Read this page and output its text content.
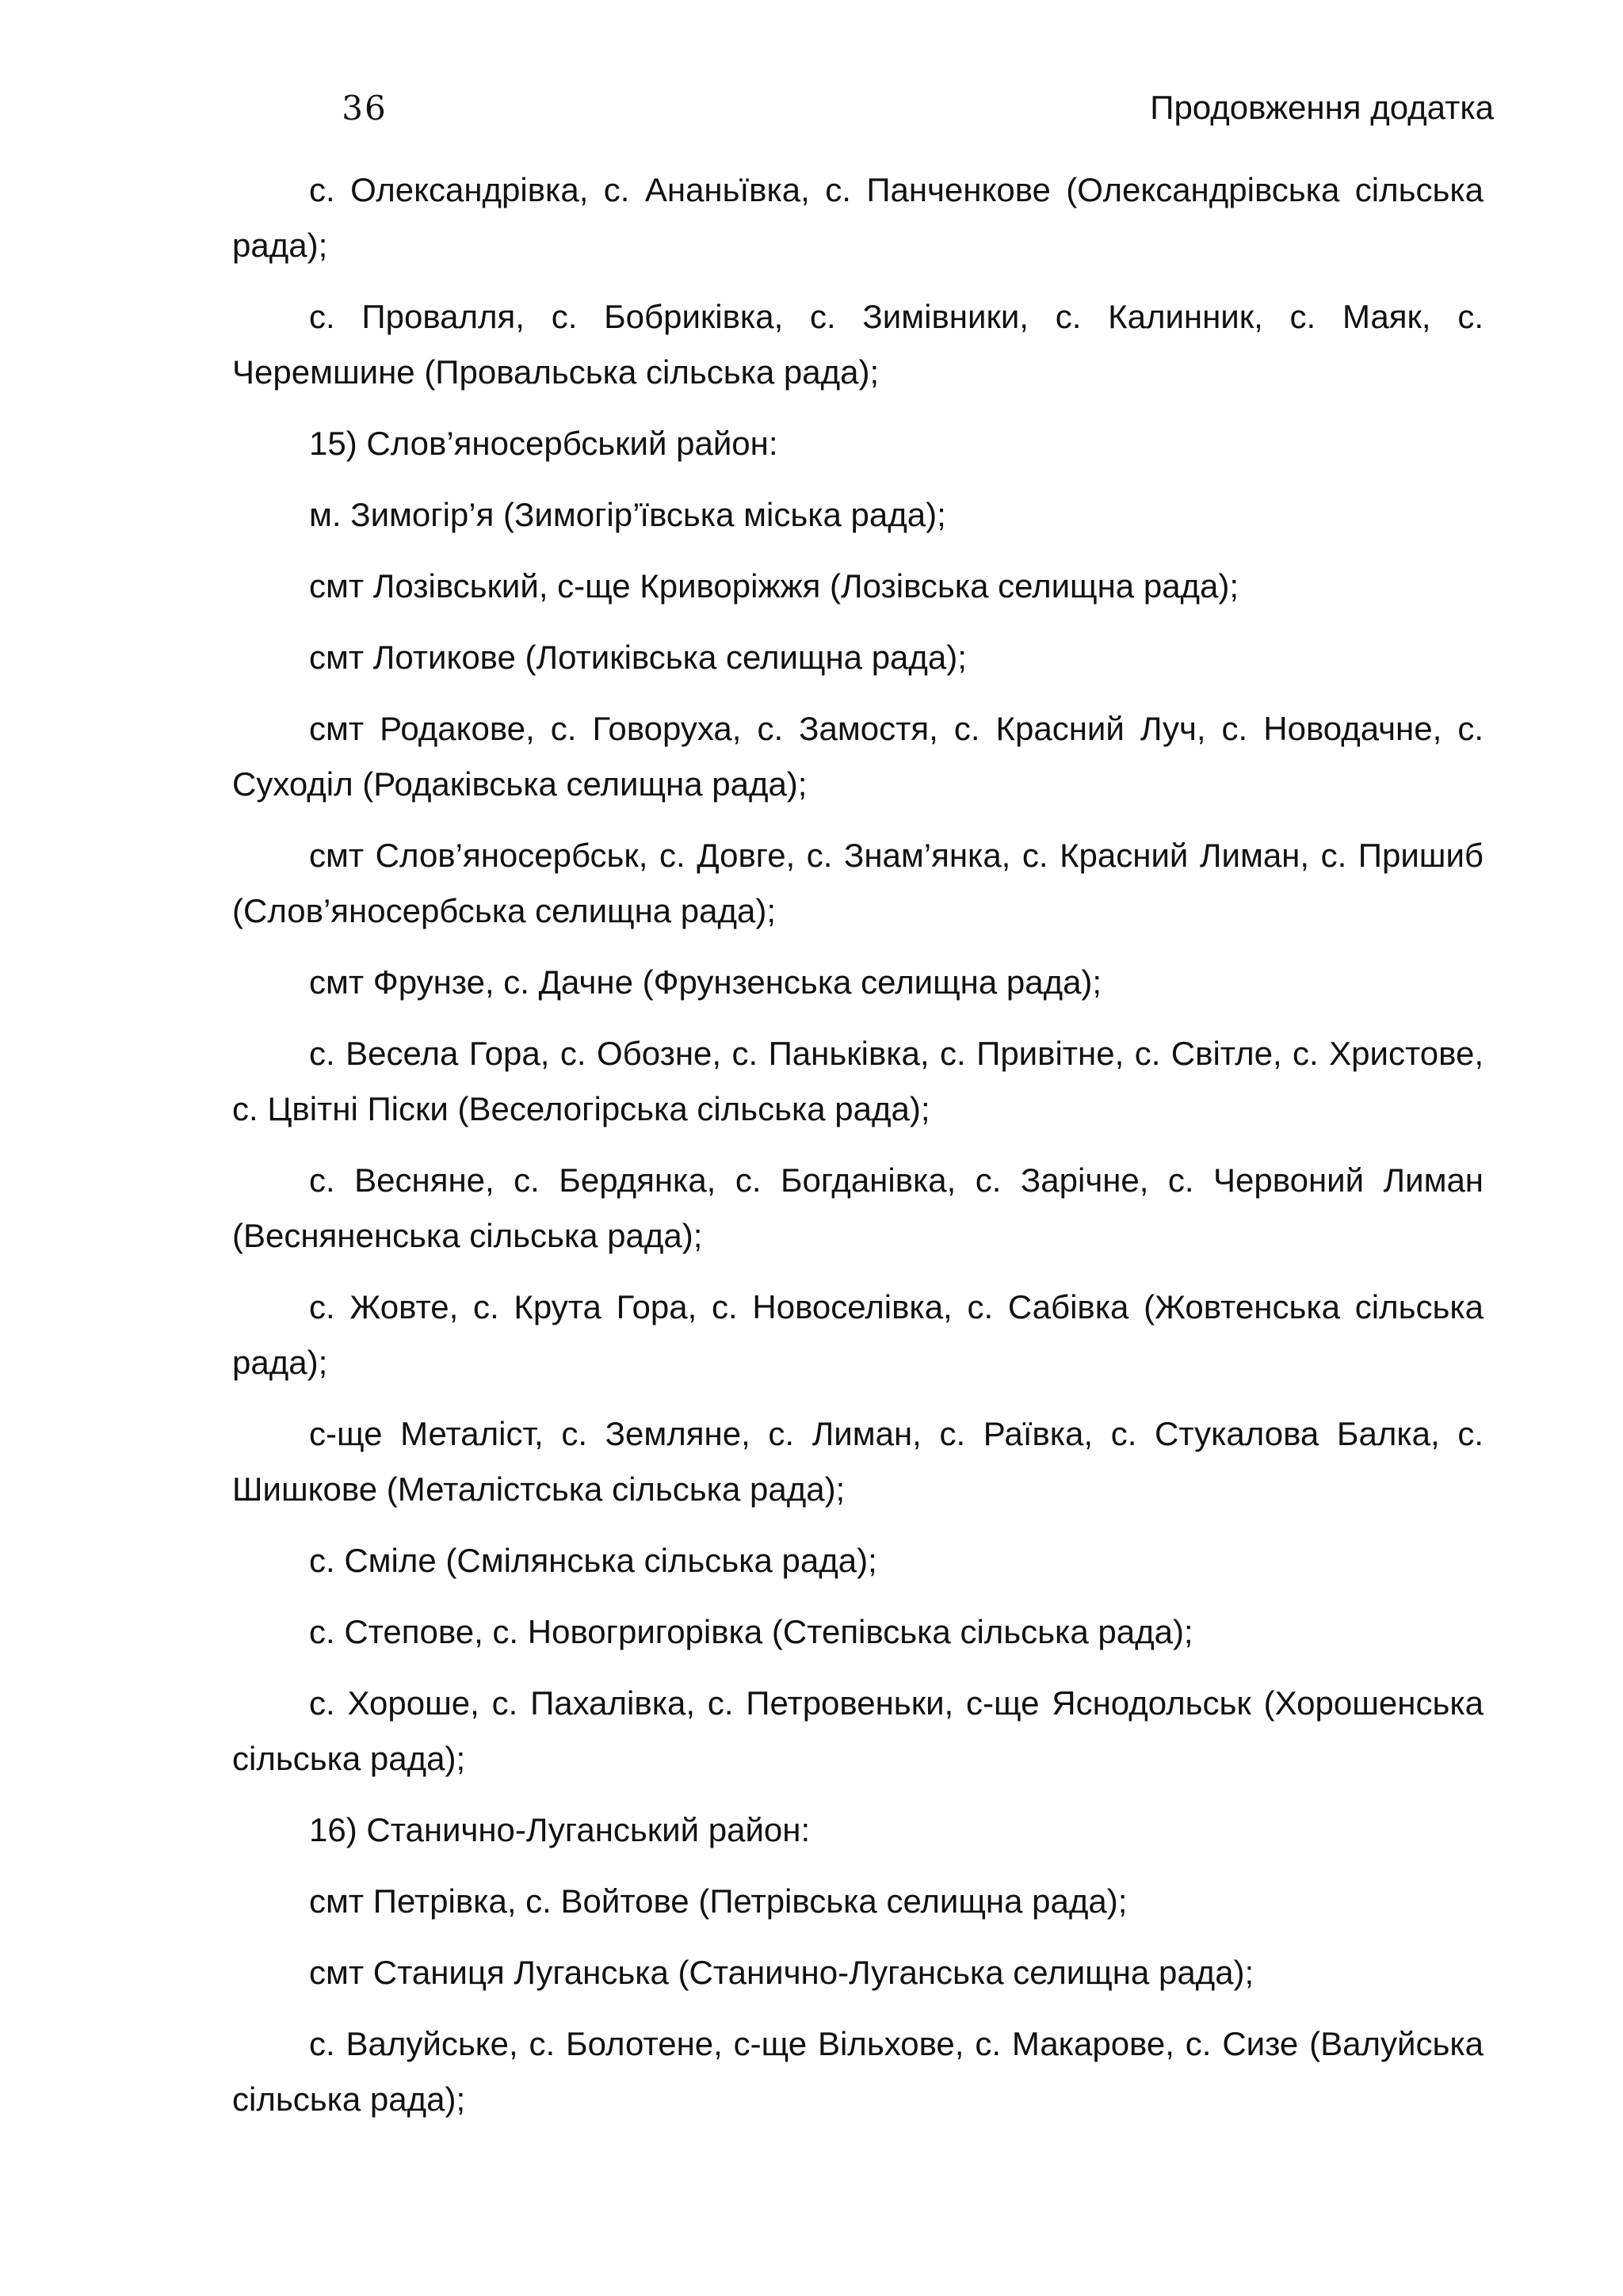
36	Продовження додатка

с. Олександрівка, с. Ананьївка, с. Панченкове (Олександрівська сільська рада);

с. Провалля, с. Бобриківка, с. Зимівники, с. Калинник, с. Маяк, с. Черемшине (Провальська сільська рада);

15) Слов’яносербський район:

м. Зимогір’я (Зимогір’ївська міська рада);

смт Лозівський, с-ще Криворіжжя (Лозівська селищна рада);

смт Лотикове (Лотиківська селищна рада);

смт Родакове, с. Говоруха, с. Замостя, с. Красний Луч, с. Новодачне, с. Суходіл (Родаківська селищна рада);

смт Слов’яносербськ, с. Довге, с. Знам’янка, с. Красний Лиман, с. Пришиб (Слов’яносербська селищна рада);

смт Фрунзе, с. Дачне (Фрунзенська селищна рада);

с. Весела Гора, с. Обозне, с. Паньківка, с. Привітне, с. Світле, с. Христове, с. Цвітні Піски (Веселогірська сільська рада);

с. Весняне, с. Бердянка, с. Богданівка, с. Зарічне, с. Червоний Лиман (Весняненська сільська рада);

с. Жовте, с. Крута Гора, с. Новоселівка, с. Сабівка (Жовтенська сільська рада);

с-ще Металіст, с. Земляне, с. Лиман, с. Раївка, с. Стукалова Балка, с. Шишкове (Металістська сільська рада);

с. Сміле (Смілянська сільська рада);

с. Степове, с. Новогригорівка (Степівська сільська рада);

с. Хороше, с. Пахалівка, с. Петровеньки, с-ще Яснодольськ (Хорошенська сільська рада);

16) Станично-Луганський район:

смт Петрівка, с. Войтове (Петрівська селищна рада);

смт Станиця Луганська (Станично-Луганська селищна рада);

с. Валуйське, с. Болотене, с-ще Вільхове, с. Макарове, с. Сизе (Валуйська сільська рада);
